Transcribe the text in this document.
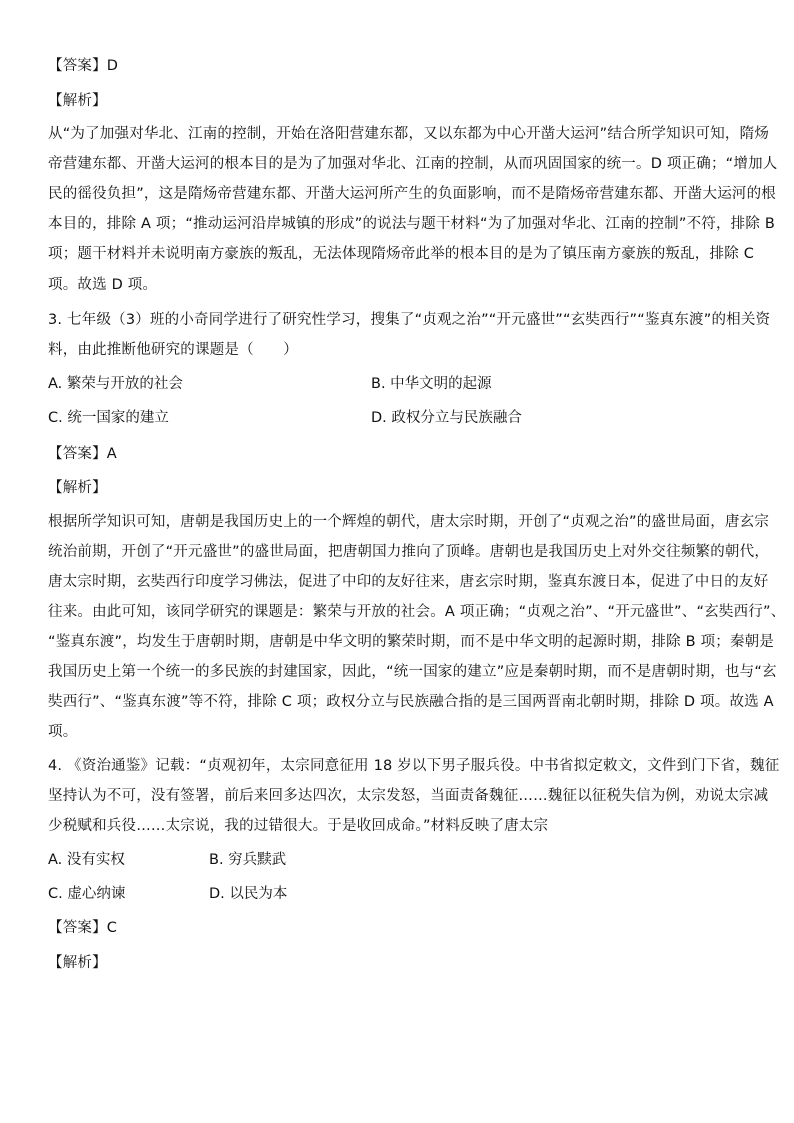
【答案】D
【解析】
从“为了加强对华北、江南的控制，开始在洛阳营建东都，又以东都为中心开凿大运河”结合所学知识可知，隋炀
帝营建东都、开凿大运河的根本目的是为了加强对华北、江南的控制，从而巩固国家的统一。D 项正确；“增加人
民的徭役负担”，这是隋炀帝营建东都、开凿大运河所产生的负面影响，而不是隋炀帝营建东都、开凿大运河的根
本目的，排除 A 项；“推动运河沿岸城镇的形成”的说法与题干材料“为了加强对华北、江南的控制”不符，排除 B
项；题干材料并未说明南方豪族的叛乱，无法体现隋炀帝此举的根本目的是为了镇压南方豪族的叛乱，排除 C
项。故选 D 项。
3. 七年级（3）班的小奇同学进行了研究性学习，搜集了“贞观之治”“开元盛世”“玄奘西行”“鉴真东渡”的相关资
料，由此推断他研究的课题是（　　）
A. 繁荣与开放的社会	B. 中华文明的起源
C. 统一国家的建立	D. 政权分立与民族融合
【答案】A
【解析】
根据所学知识可知，唐朝是我国历史上的一个辉煌的朝代，唐太宗时期，开创了“贞观之治”的盛世局面，唐玄宗
统治前期，开创了“开元盛世”的盛世局面，把唐朝国力推向了顶峰。唐朝也是我国历史上对外交往频繁的朝代，
唐太宗时期，玄奘西行印度学习佛法，促进了中印的友好往来，唐玄宗时期，鉴真东渡日本，促进了中日的友好
往来。由此可知，该同学研究的课题是：繁荣与开放的社会。A 项正确；“贞观之治”、“开元盛世”、“玄奘西行”、
“鉴真东渡”，均发生于唐朝时期，唐朝是中华文明的繁荣时期，而不是中华文明的起源时期，排除 B 项；秦朝是
我国历史上第一个统一的多民族的封建国家，因此，“统一国家的建立”应是秦朝时期，而不是唐朝时期，也与“玄
奘西行”、“鉴真东渡”等不符，排除 C 项；政权分立与民族融合指的是三国两晋南北朝时期，排除 D 项。故选 A
项。
4. 《资治通鉴》记载：“贞观初年，太宗同意征用 18 岁以下男子服兵役。中书省拟定敕文，文件到门下省，魏征
坚持认为不可，没有签署，前后来回多达四次，太宗发怒，当面责备魏征……魏征以征税失信为例，劝说太宗减
少税赋和兵役……太宗说，我的过错很大。于是收回成命。”材料反映了唐太宗
A. 没有实权	B. 穷兵黩武
C. 虚心纳谏	D. 以民为本
【答案】C
【解析】
